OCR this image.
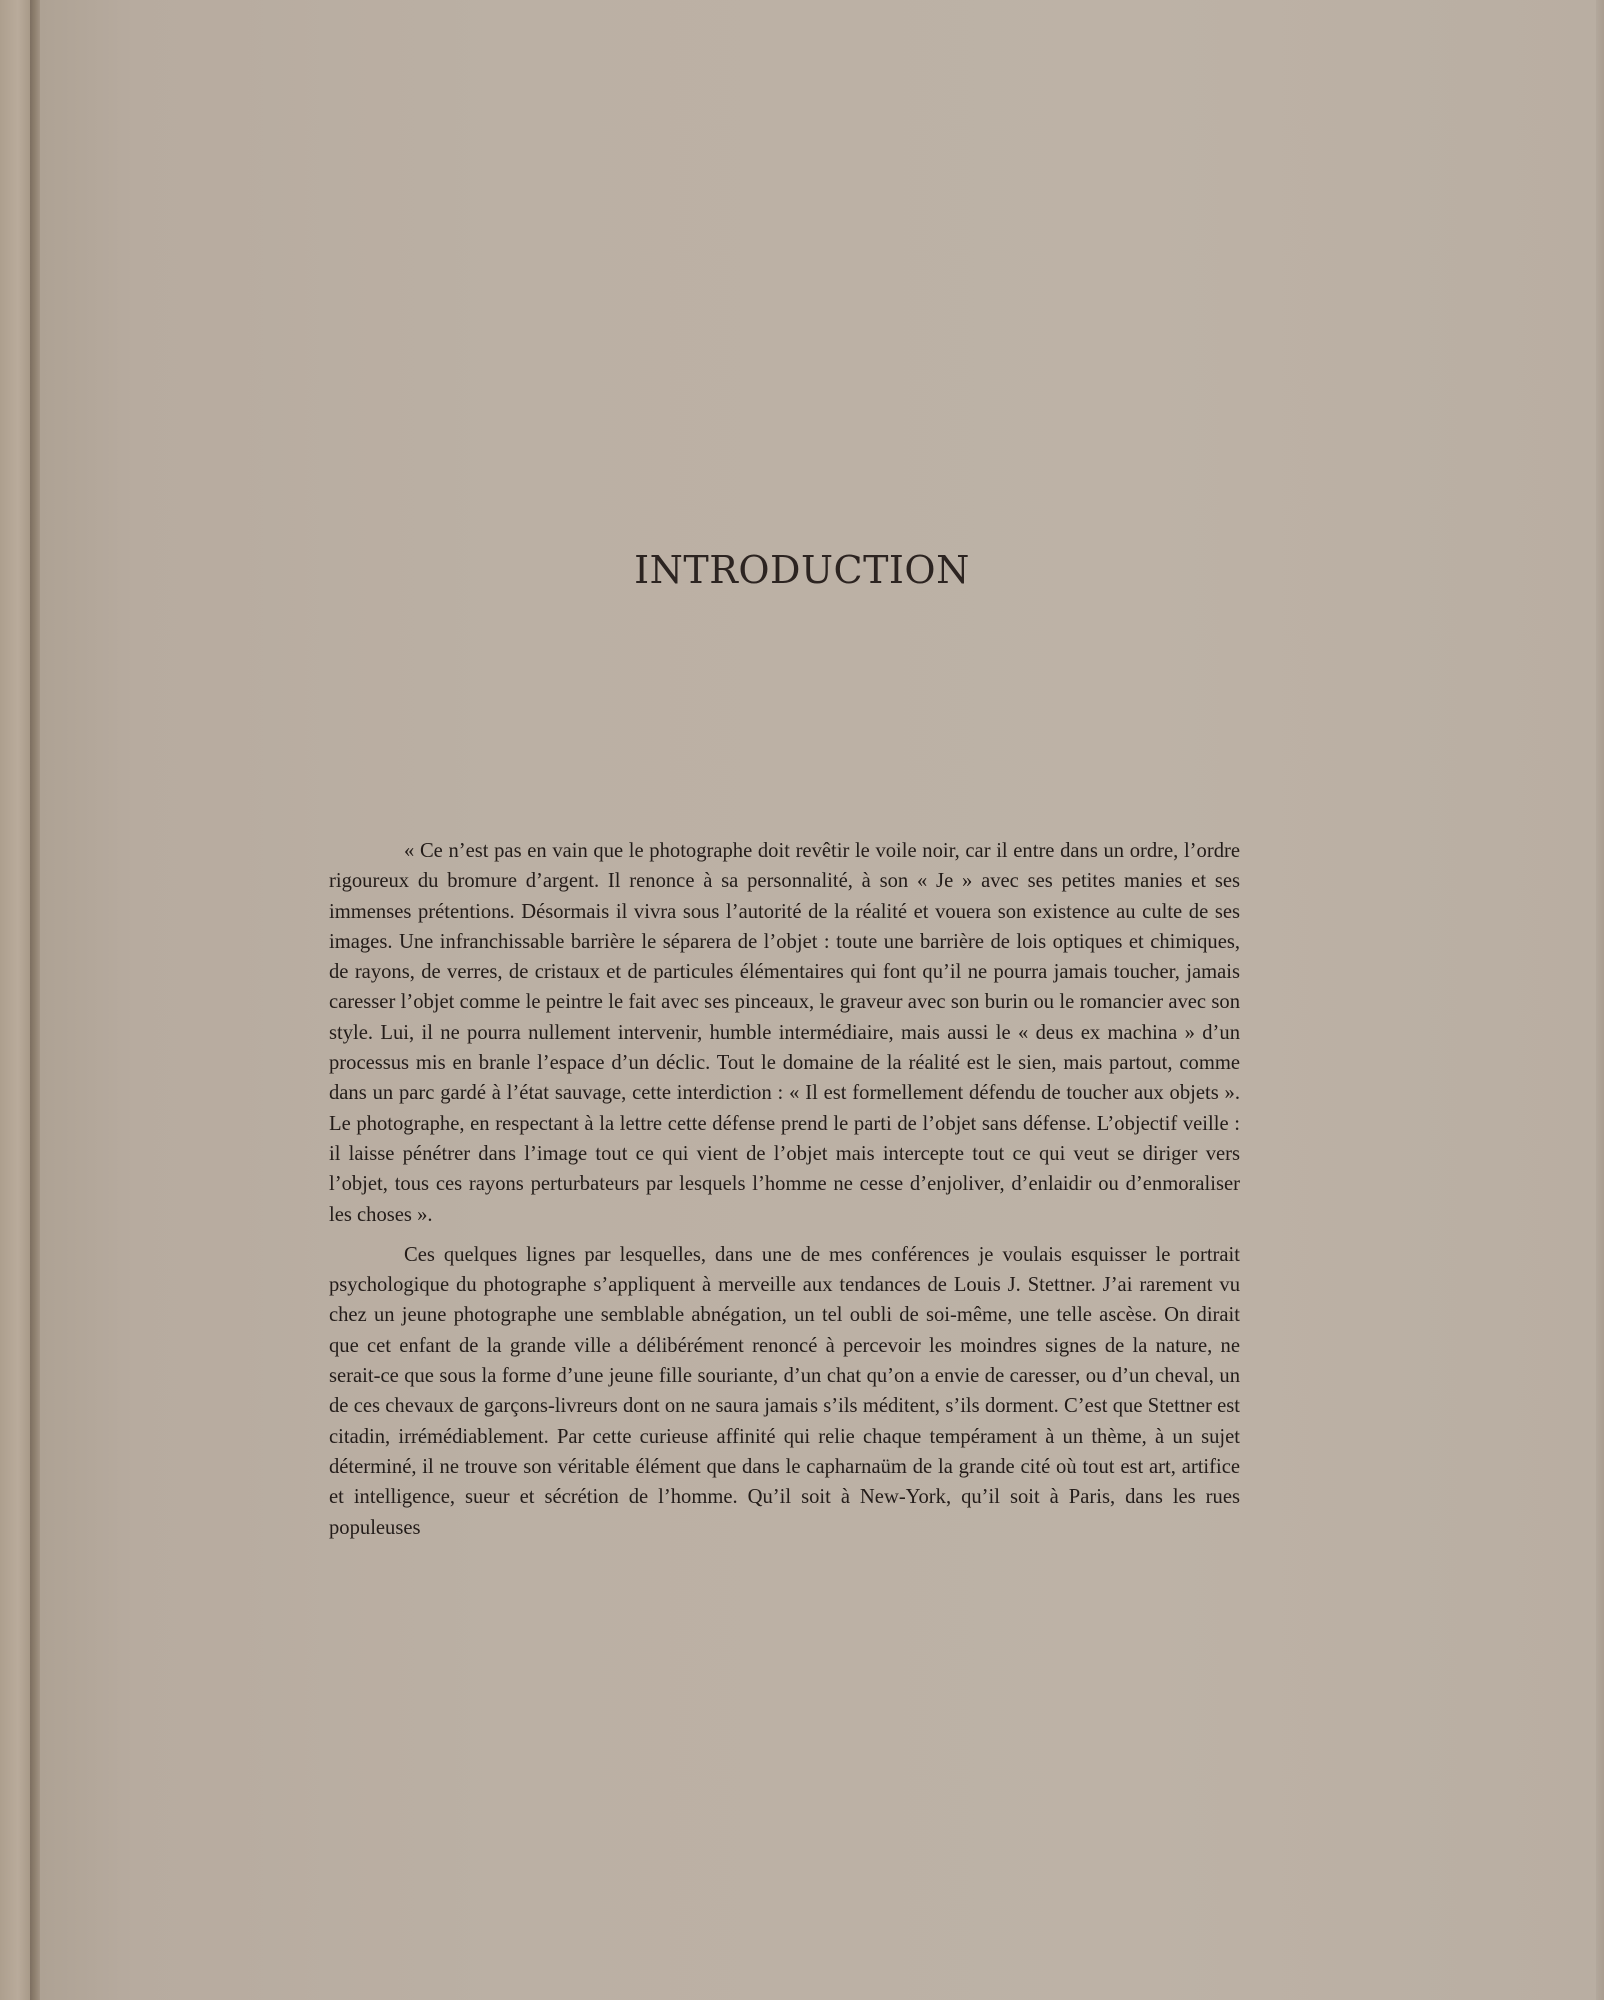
INTRODUCTION

« Ce n’est pas en vain que le photographe doit revêtir le voile noir, car il entre dans un ordre, l’ordre rigoureux du bromure d’argent. Il renonce à sa personnalité, à son « Je » avec ses petites manies et ses immenses prétentions. Désormais il vivra sous l’autorité de la réalité et vouera son existence au culte de ses images. Une infranchissable barrière le séparera de l’objet : toute une barrière de lois optiques et chimiques, de rayons, de verres, de cristaux et de particules élémentaires qui font qu’il ne pourra jamais toucher, jamais caresser l’objet comme le peintre le fait avec ses pinceaux, le graveur avec son burin ou le romancier avec son style. Lui, il ne pourra nullement intervenir, humble intermédiaire, mais aussi le « deus ex machina » d’un processus mis en branle l’espace d’un déclic. Tout le domaine de la réalité est le sien, mais partout, comme dans un parc gardé à l’état sauvage, cette interdiction : « Il est formellement défendu de toucher aux objets ». Le photographe, en respectant à la lettre cette défense prend le parti de l’objet sans défense. L’objectif veille : il laisse pénétrer dans l’image tout ce qui vient de l’objet mais intercepte tout ce qui veut se diriger vers l’objet, tous ces rayons perturbateurs par lesquels l’homme ne cesse d’enjoliver, d’enlaidir ou d’enmoraliser les choses ».

Ces quelques lignes par lesquelles, dans une de mes conférences je voulais esquisser le portrait psychologique du photographe s’appliquent à merveille aux tendances de Louis J. Stettner. J’ai rarement vu chez un jeune photographe une semblable abnégation, un tel oubli de soi-même, une telle ascèse. On dirait que cet enfant de la grande ville a délibérément renoncé à percevoir les moindres signes de la nature, ne serait-ce que sous la forme d’une jeune fille souriante, d’un chat qu’on a envie de caresser, ou d’un cheval, un de ces chevaux de garçons-livreurs dont on ne saura jamais s’ils méditent, s’ils dorment. C’est que Stettner est citadin, irrémédiablement. Par cette curieuse affinité qui relie chaque tempérament à un thème, à un sujet déterminé, il ne trouve son véritable élément que dans le capharnaüm de la grande cité où tout est art, artifice et intelligence, sueur et sécrétion de l’homme. Qu’il soit à New-York, qu’il soit à Paris, dans les rues populeuses
